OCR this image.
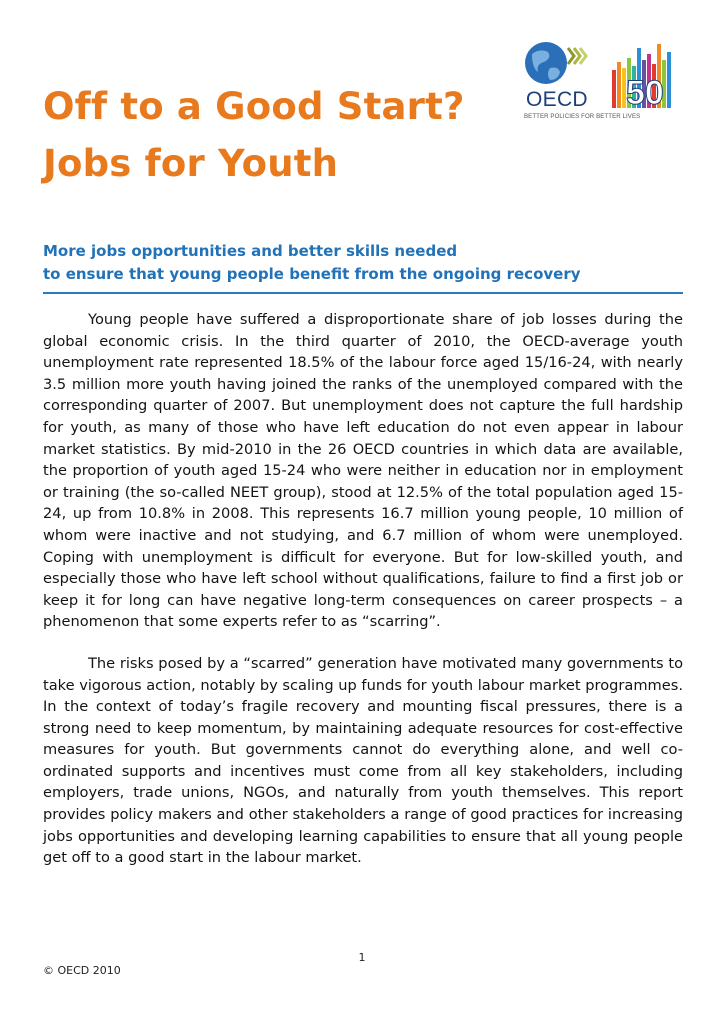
50
OECD
BETTER POLICIES FOR BETTER LIVES
Off to a Good Start?
Jobs for Youth
More jobs opportunities and better skills needed
to ensure that young people benefit from the ongoing recovery

Young people have suffered a disproportionate share of job losses during the global economic crisis. In the third quarter of 2010, the OECD-average youth unemployment rate represented 18.5% of the labour force aged 15/16-24, with nearly 3.5 million more youth having joined the ranks of the unemployed compared with the corresponding quarter of 2007. But unemployment does not capture the full hardship for youth, as many of those who have left education do not even appear in labour market statistics. By mid-2010 in the 26 OECD countries in which data are available, the proportion of youth aged 15-24 who were neither in education nor in employment or training (the so-called NEET group), stood at 12.5% of the total population aged 15-24, up from 10.8% in 2008. This represents 16.7 million young people, 10 million of whom were inactive and not studying, and 6.7 million of whom were unemployed. Coping with unemployment is difficult for everyone. But for low-skilled youth, and especially those who have left school without qualifications, failure to find a first job or keep it for long can have negative long-term consequences on career prospects – a phenomenon that some experts refer to as “scarring”.

The risks posed by a “scarred” generation have motivated many governments to take vigorous action, notably by scaling up funds for youth labour market programmes. In the context of today’s fragile recovery and mounting fiscal pressures, there is a strong need to keep momentum, by maintaining adequate resources for cost-effective measures for youth. But governments cannot do everything alone, and well co-ordinated supports and incentives must come from all key stakeholders, including employers, trade unions, NGOs, and naturally from youth themselves. This report provides policy makers and other stakeholders a range of good practices for increasing jobs opportunities and developing learning capabilities to ensure that all young people get off to a good start in the labour market.

1
© OECD 2010
